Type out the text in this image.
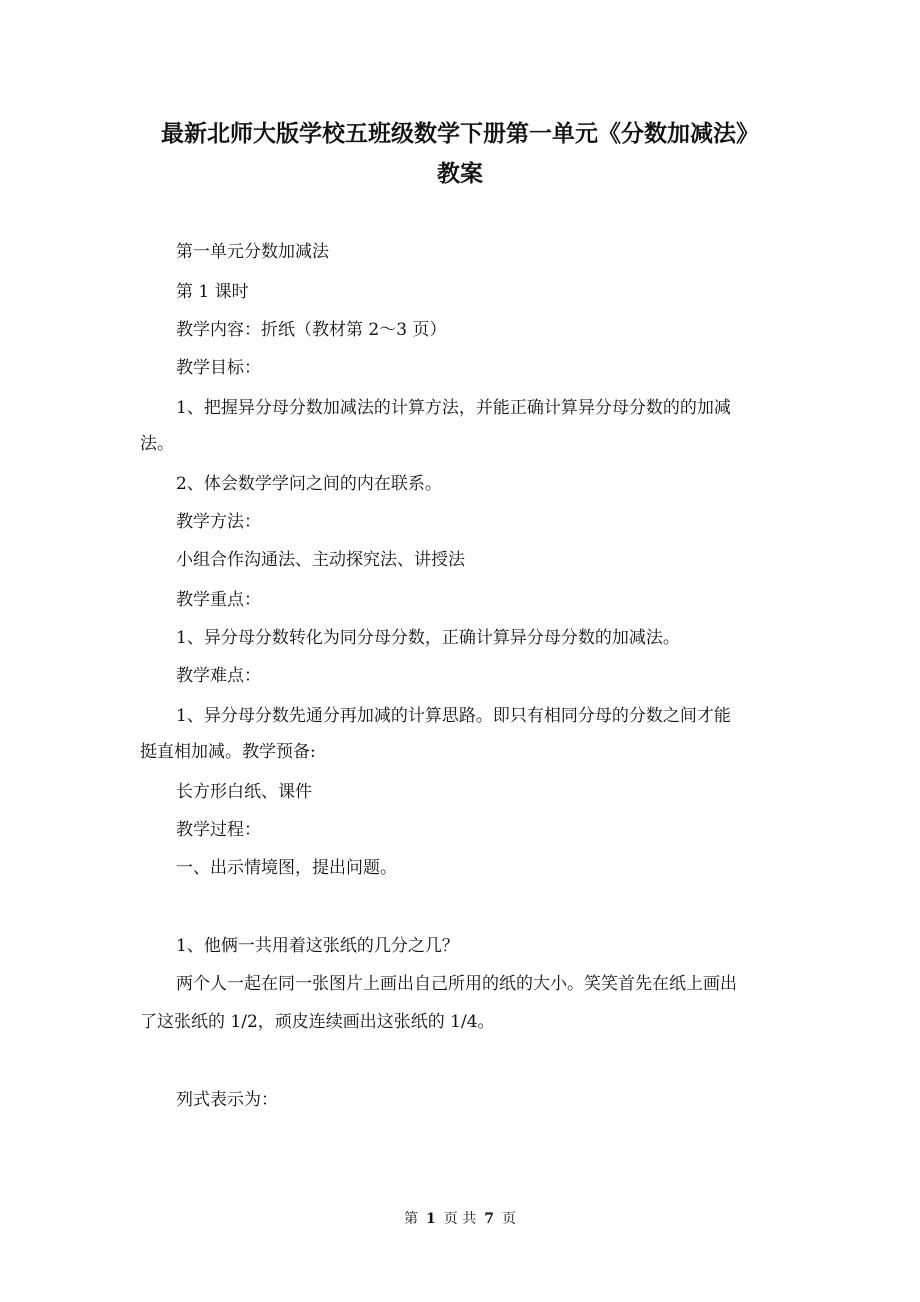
最新北师大版学校五班级数学下册第一单元《分数加减法》
教案

第一单元分数加减法

第 1 课时

教学内容：折纸（教材第 2～3 页）

教学目标：

1、把握异分母分数加减法的计算方法，并能正确计算异分母分数的的加减

法。

2、体会数学学问之间的内在联系。

教学方法：

小组合作沟通法、主动探究法、讲授法

教学重点：

1、异分母分数转化为同分母分数，正确计算异分母分数的加减法。

教学难点：

1、异分母分数先通分再加减的计算思路。即只有相同分母的分数之间才能

挺直相加减。教学预备:

长方形白纸、课件

教学过程：

一、出示情境图，提出问题。

1、他俩一共用着这张纸的几分之几？

两个人一起在同一张图片上画出自己所用的纸的大小。笑笑首先在纸上画出

了这张纸的 1/2，顽皮连续画出这张纸的 1/4。

列式表示为：

第 1 页 共 7 页
